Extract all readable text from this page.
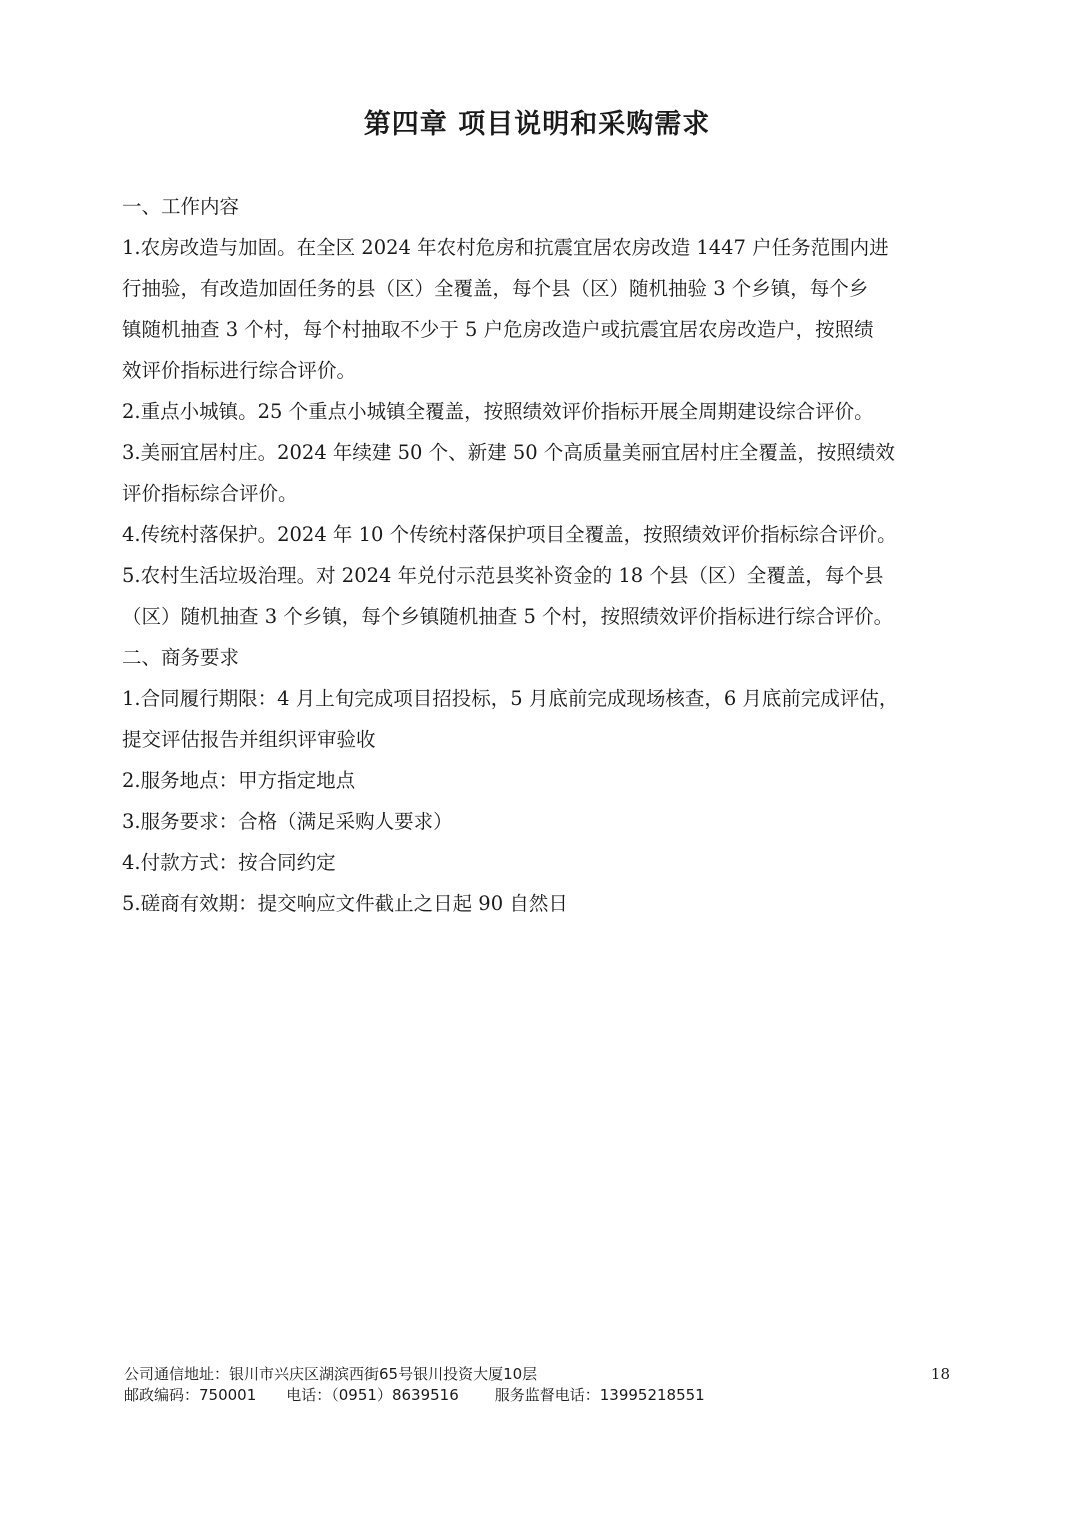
第四章 项目说明和采购需求
一、工作内容
1.农房改造与加固。在全区 2024 年农村危房和抗震宜居农房改造 1447 户任务范围内进
行抽验，有改造加固任务的县（区）全覆盖，每个县（区）随机抽验 3 个乡镇，每个乡
镇随机抽查 3 个村，每个村抽取不少于 5 户危房改造户或抗震宜居农房改造户，按照绩
效评价指标进行综合评价。
2.重点小城镇。25 个重点小城镇全覆盖，按照绩效评价指标开展全周期建设综合评价。
3.美丽宜居村庄。2024 年续建 50 个、新建 50 个高质量美丽宜居村庄全覆盖，按照绩效
评价指标综合评价。
4.传统村落保护。2024 年 10 个传统村落保护项目全覆盖，按照绩效评价指标综合评价。
5.农村生活垃圾治理。对 2024 年兑付示范县奖补资金的 18 个县（区）全覆盖，每个县
（区）随机抽查 3 个乡镇，每个乡镇随机抽查 5 个村，按照绩效评价指标进行综合评价。
二、商务要求
1.合同履行期限：4 月上旬完成项目招投标，5 月底前完成现场核查，6 月底前完成评估，
提交评估报告并组织评审验收
2.服务地点：甲方指定地点
3.服务要求：合格（满足采购人要求）
4.付款方式：按合同约定
5.磋商有效期：提交响应文件截止之日起 90 自然日
公司通信地址：银川市兴庆区湖滨西街65号银川投资大厦10层
邮政编码：750001 电话：（0951）8639516 服务监督电话：13995218551
18
